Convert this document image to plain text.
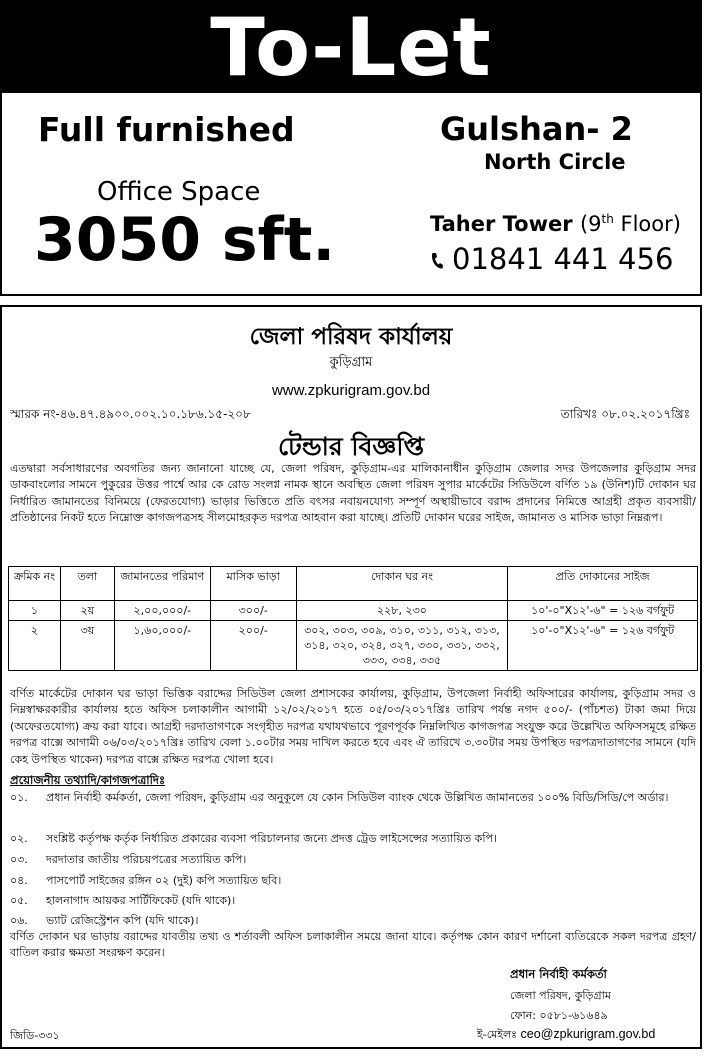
To-Let
Full furnished	Gulshan- 2
North Circle
Office Space
3050 sft.	Taher Tower (9th Floor)
01841 441 456
জেলা পরিষদ কার্যালয়
কুড়িগ্রাম
www.zpkurigram.gov.bd
স্মারক নং-৪৬.৪৭.৪৯০০.০০২.১০.১৮৬.১৫-২০৮	তারিখঃ ০৮.০২.২০১৭খ্রিঃ
টেন্ডার বিজ্ঞপ্তি
এতদ্বারা সর্বসাধারণের অবগতির জন্য জানানো যাচ্ছে যে, জেলা পরিষদ, কুড়িগ্রাম-এর মালিকানাধীন কুড়িগ্রাম জেলার সদর উপজেলার কুড়িগ্রাম সদর ডাকবাংলোর সামনে পুকুরের উত্তর পার্শ্বে আর কে রোড সংলগ্ন নামক স্থানে অবস্থিত জেলা পরিষদ সুপার মার্কেটের সিডিউলে বর্ণিত ১৯ (উনিশ)টি দোকান ঘর নির্ধারিত জামানতের বিনিময়ে (ফেরতযোগ্য) ভাড়ার ভিত্তিতে প্রতি বৎসর নবায়নযোগ্য সম্পূর্ণ অস্থায়ীভাবে বরাদ্দ প্রদানের নিমিত্তে আগ্রহী প্রকৃত ব্যবসায়ী/প্রতিষ্ঠানের নিকট হতে নিম্নোক্ত কাগজপত্রসহ সীলমোহরকৃত দরপত্র আহবান করা যাচ্ছে। প্রতিটি দোকান ঘরের সাইজ, জামানত ও মাসিক ভাড়া নিম্নরূপ।
ক্রমিক নং	তলা	জামানতের পরিমাণ	মাসিক ভাড়া	দোকান ঘর নং	প্রতি দোকানের সাইজ
১	২য়	২,০০,০০০/-	৩০০/-	২২৮, ২৩০	১০'-০"X১২'-৬" = ১২৬ বর্গফুট
২	৩য়	১,৬০,০০০/-	২০০/-	৩০২, ৩০৩, ৩০৯, ৩১০, ৩১১, ৩১২, ৩১৩, ৩১৪, ৩২০, ৩২৪, ৩২৭, ৩৩০, ৩৩১, ৩৩২, ৩৩৩, ৩৩৪, ৩৩৫	১০'-০"X১২'-৬" = ১২৬ বর্গফুট
বর্ণিত মার্কেটের দোকান ঘর ভাড়া ভিত্তিক বরাদ্দের সিডিউল জেলা প্রশাসকের কার্যালয়, কুড়িগ্রাম, উপজেলা নির্বাহী অফিসারের কার্যালয়, কুড়িগ্রাম সদর ও নিম্নস্বাক্ষরকারীর কার্যালয় হতে অফিস চলাকালীন আগামী ১২/০২/২০১৭ হতে ০৫/০৩/২০১৭খ্রিঃ তারিখ পর্যন্ত নগদ ৫০০/- (পাঁচশত) টাকা জমা দিয়ে (অফেরতযোগ্য) ক্রয় করা যাবে। আগ্রহী দরদাতাগণকে সংগৃহীত দরপত্র যথাযথভাবে পূরণপূর্বক নিম্নলিখিত কাগজপত্র সংযুক্ত করে উল্লেখিত অফিসসমূহে রক্ষিত দরপত্র বাক্সে আগামী ০৬/০৩/২০১৭খ্রিঃ তারিখ বেলা ১.০০টার সময় দাখিল করতে হবে এবং ঐ তারিখে ৩.৩০টার সময় উপস্থিত দরপত্রদাতাগণের সামনে (যদি কেহ উপস্থিত থাকেন) দরপত্র বাক্সে রক্ষিত দরপত্র খোলা হবে।
প্রয়োজনীয় তথ্যাদি/কাগজপত্রাদিঃ
০১. প্রধান নির্বাহী কর্মকর্তা, জেলা পরিষদ, কুড়িগ্রাম এর অনুকূলে যে কোন সিডিউল ব্যাংক থেকে উল্লিখিত জামানতের ১০০% বিডি/সিডি/পে অর্ডার।
০২. সংশ্লিষ্ট কর্তৃপক্ষ কর্তৃক নির্ধারিত প্রকারের ব্যবসা পরিচালনার জন্যে প্রদত্ত ট্রেড লাইসেন্সের সত্যায়িত কপি।
০৩. দরদাতার জাতীয় পরিচয়পত্রের সত্যায়িত কপি।
০৪. পাসপোর্ট সাইজের রঙ্গিন ০২ (দুই) কপি সত্যায়িত ছবি।
০৫. হালনাগাদ আয়কর সার্টিফিকেট (যদি থাকে)।
০৬. ভ্যাট রেজিস্ট্রেশন কপি (যদি থাকে)।
বর্ণিত দোকান ঘর ভাড়ায় বরাদ্দের যাবতীয় তথ্য ও শর্তাবলী অফিস চলাকালীন সময়ে জানা যাবে। কর্তৃপক্ষ কোন কারণ দর্শানো ব্যতিরেকে সকল দরপত্র গ্রহণ/বাতিল করার ক্ষমতা সংরক্ষণ করেন।
প্রধান নির্বাহী কর্মকর্তা
জেলা পরিষদ, কুড়িগ্রাম
ফোন: ০৫৮১-৬১৬৪৯
ই-মেইলঃ ceo@zpkurigram.gov.bd
জিডি-৩৩১
